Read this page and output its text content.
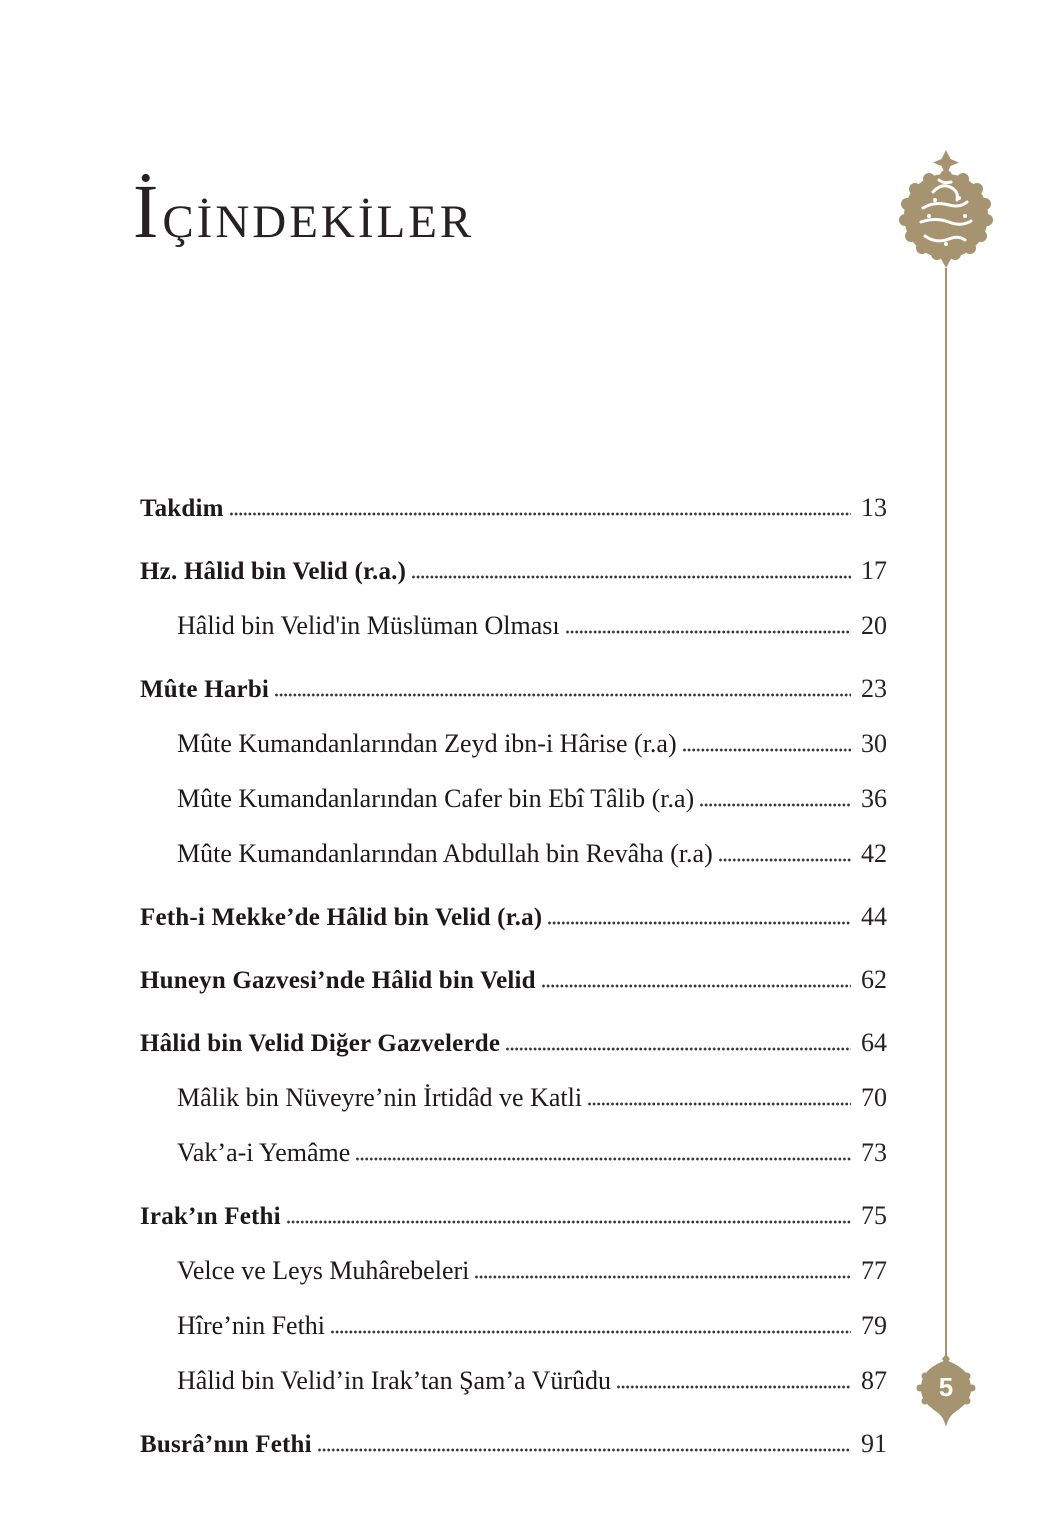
İÇİNDEKİLER
5
Takdim	13
Hz. Hâlid bin Velid (r.a.)	17
Hâlid bin Velid'in Müslüman Olması	20
Mûte Harbi	23
Mûte Kumandanlarından Zeyd ibn-i Hârise (r.a)	30
Mûte Kumandanlarından Cafer bin Ebî Tâlib (r.a)	36
Mûte Kumandanlarından Abdullah bin Revâha (r.a)	42
Feth-i Mekke’de Hâlid bin Velid (r.a)	44
Huneyn Gazvesi’nde Hâlid bin Velid	62
Hâlid bin Velid Diğer Gazvelerde	64
Mâlik bin Nüveyre’nin İrtidâd ve Katli	70
Vak’a-i Yemâme	73
Irak’ın Fethi	75
Velce ve Leys Muhârebeleri	77
Hîre’nin Fethi	79
Hâlid bin Velid’in Irak’tan Şam’a Vürûdu	87
Busrâ’nın Fethi	91
